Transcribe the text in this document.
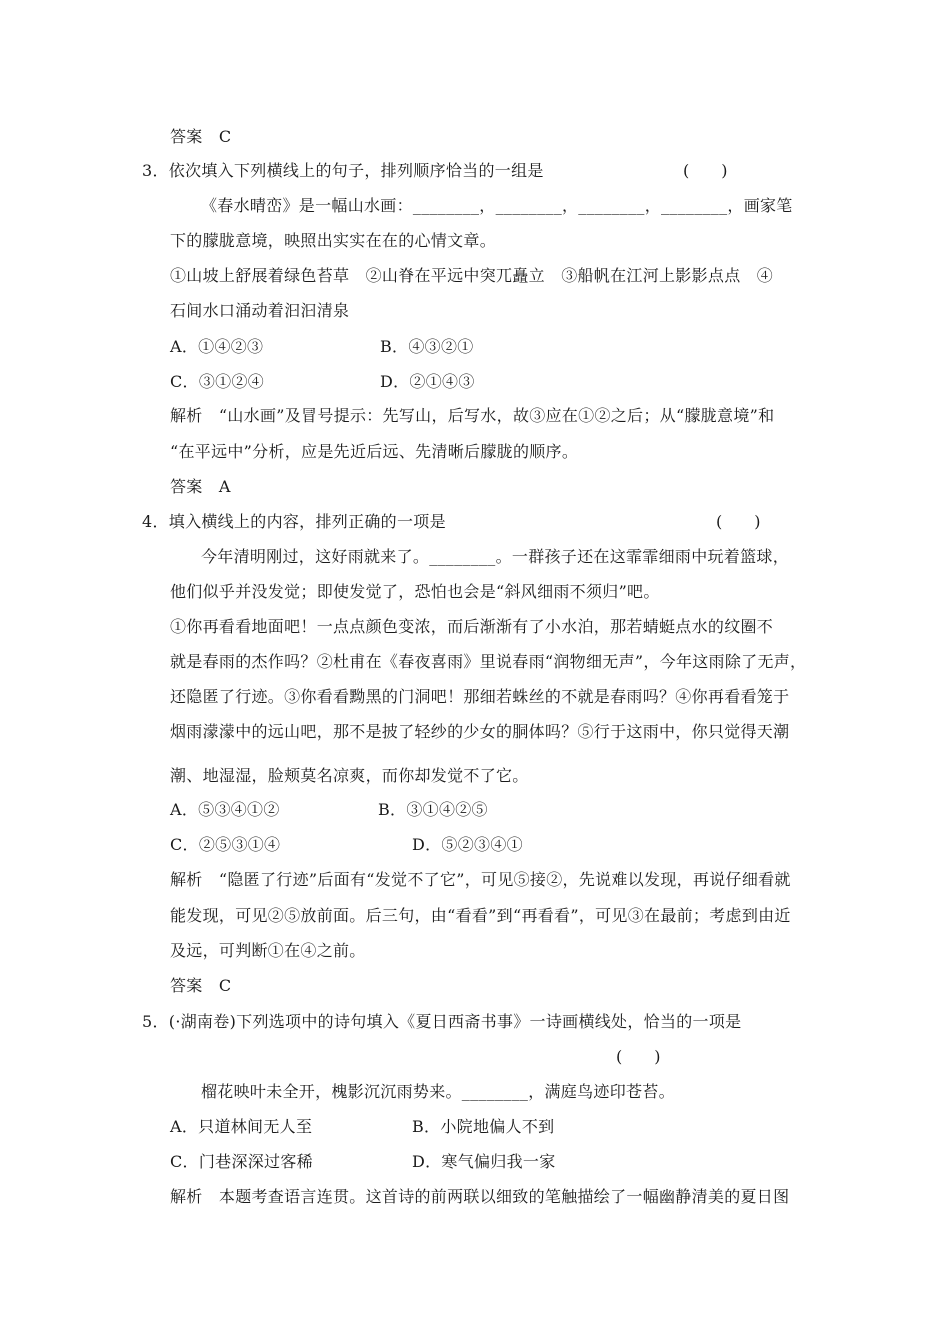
答案　C
3．依次填入下列横线上的句子，排列顺序恰当的一组是	(　　)
《春水晴峦》是一幅山水画：________，________，________，________，画家笔
下的朦胧意境，映照出实实在在的心情文章。
①山坡上舒展着绿色苔草　②山脊在平远中突兀矗立　③船帆在江河上影影点点　④
石间水口涌动着汩汩清泉
A．①④②③	B．④③②①
C．③①②④	D．②①④③
解析　“山水画”及冒号提示：先写山，后写水，故③应在①②之后；从“朦胧意境”和
“在平远中”分析，应是先近后远、先清晰后朦胧的顺序。
答案　A
4．填入横线上的内容，排列正确的一项是	(　　)
今年清明刚过，这好雨就来了。________。一群孩子还在这霏霏细雨中玩着篮球，
他们似乎并没发觉；即使发觉了，恐怕也会是“斜风细雨不须归”吧。
①你再看看地面吧！一点点颜色变浓，而后渐渐有了小水泊，那若蜻蜓点水的纹圈不
就是春雨的杰作吗？②杜甫在《春夜喜雨》里说春雨“润物细无声”，今年这雨除了无声，
还隐匿了行迹。③你看看黝黑的门洞吧！那细若蛛丝的不就是春雨吗？④你再看看笼于
烟雨濛濛中的远山吧，那不是披了轻纱的少女的胴体吗？⑤行于这雨中，你只觉得天潮
潮、地湿湿，脸颊莫名凉爽，而你却发觉不了它。
A．⑤③④①②	B．③①④②⑤
C．②⑤③①④	D．⑤②③④①
解析　“隐匿了行迹”后面有“发觉不了它”，可见⑤接②，先说难以发现，再说仔细看就
能发现，可见②⑤放前面。后三句，由“看看”到“再看看”，可见③在最前；考虑到由近
及远，可判断①在④之前。
答案　C
5．(·湖南卷)下列选项中的诗句填入《夏日西斋书事》一诗画横线处，恰当的一项是
(　　)
榴花映叶未全开，槐影沉沉雨势来。________，满庭鸟迹印苍苔。
A．只道林间无人至	B．小院地偏人不到
C．门巷深深过客稀	D．寒气偏归我一家
解析　本题考查语言连贯。这首诗的前两联以细致的笔触描绘了一幅幽静清美的夏日图
